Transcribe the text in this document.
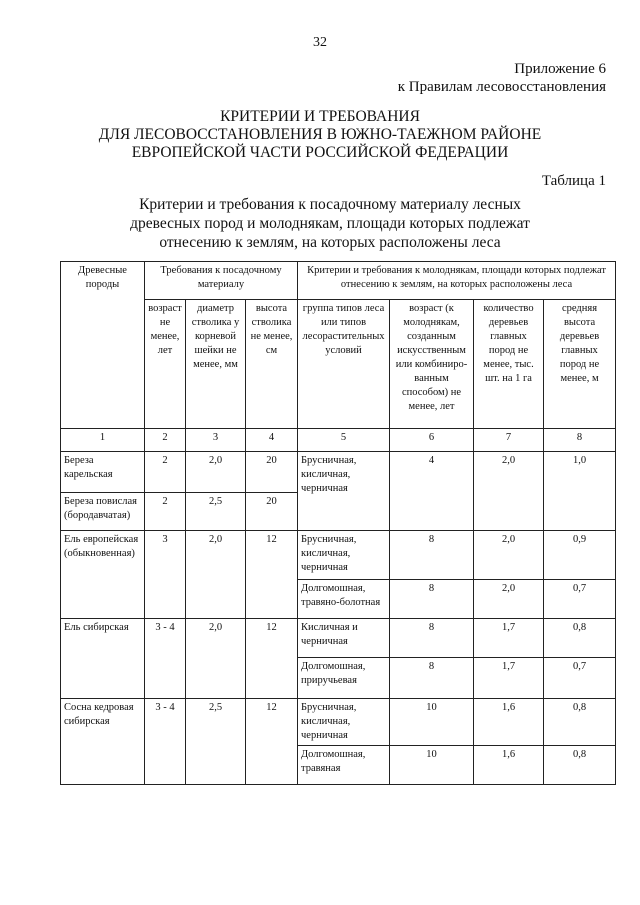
32
Приложение 6
к Правилам лесовосстановления
КРИТЕРИИ И ТРЕБОВАНИЯ
ДЛЯ ЛЕСОВОССТАНОВЛЕНИЯ В ЮЖНО-ТАЕЖНОМ РАЙОНЕ
ЕВРОПЕЙСКОЙ ЧАСТИ РОССИЙСКОЙ ФЕДЕРАЦИИ
Таблица 1
Критерии и требования к посадочному материалу лесных
древесных пород и молоднякам, площади которых подлежат
отнесению к землям, на которых расположены леса
Древесные породы	Требования к посадочному материалу			Критерии и требования к молоднякам, площади которых подлежат отнесению к землям, на которых расположены леса			
	возраст не менее, лет	диаметр стволика у корневой шейки не менее, мм	высота стволика не менее, см	группа типов леса или типов лесорастительных условий	возраст (к молоднякам, созданным искусственным или комбиниро-ванным способом) не менее, лет	количество деревьев главных пород не менее, тыс. шт. на 1 га	средняя высота деревьев главных пород не менее, м
1	2	3	4	5	6	7	8
Береза карельская	2	2,0	20	Брусничная, кисличная, черничная	4	2,0	1,0
Береза повислая (бородавчатая)	2	2,5	20				
Ель европейская (обыкновенная)	3	2,0	12	Брусничная, кисличная, черничная	8	2,0	0,9
				Долгомошная, травяно-болотная	8	2,0	0,7
Ель сибирская	3 - 4	2,0	12	Кисличная и черничная	8	1,7	0,8
				Долгомошная, приручьевая	8	1,7	0,7
Сосна кедровая сибирская	3 - 4	2,5	12	Брусничная, кисличная, черничная	10	1,6	0,8
				Долгомошная, травяная	10	1,6	0,8
